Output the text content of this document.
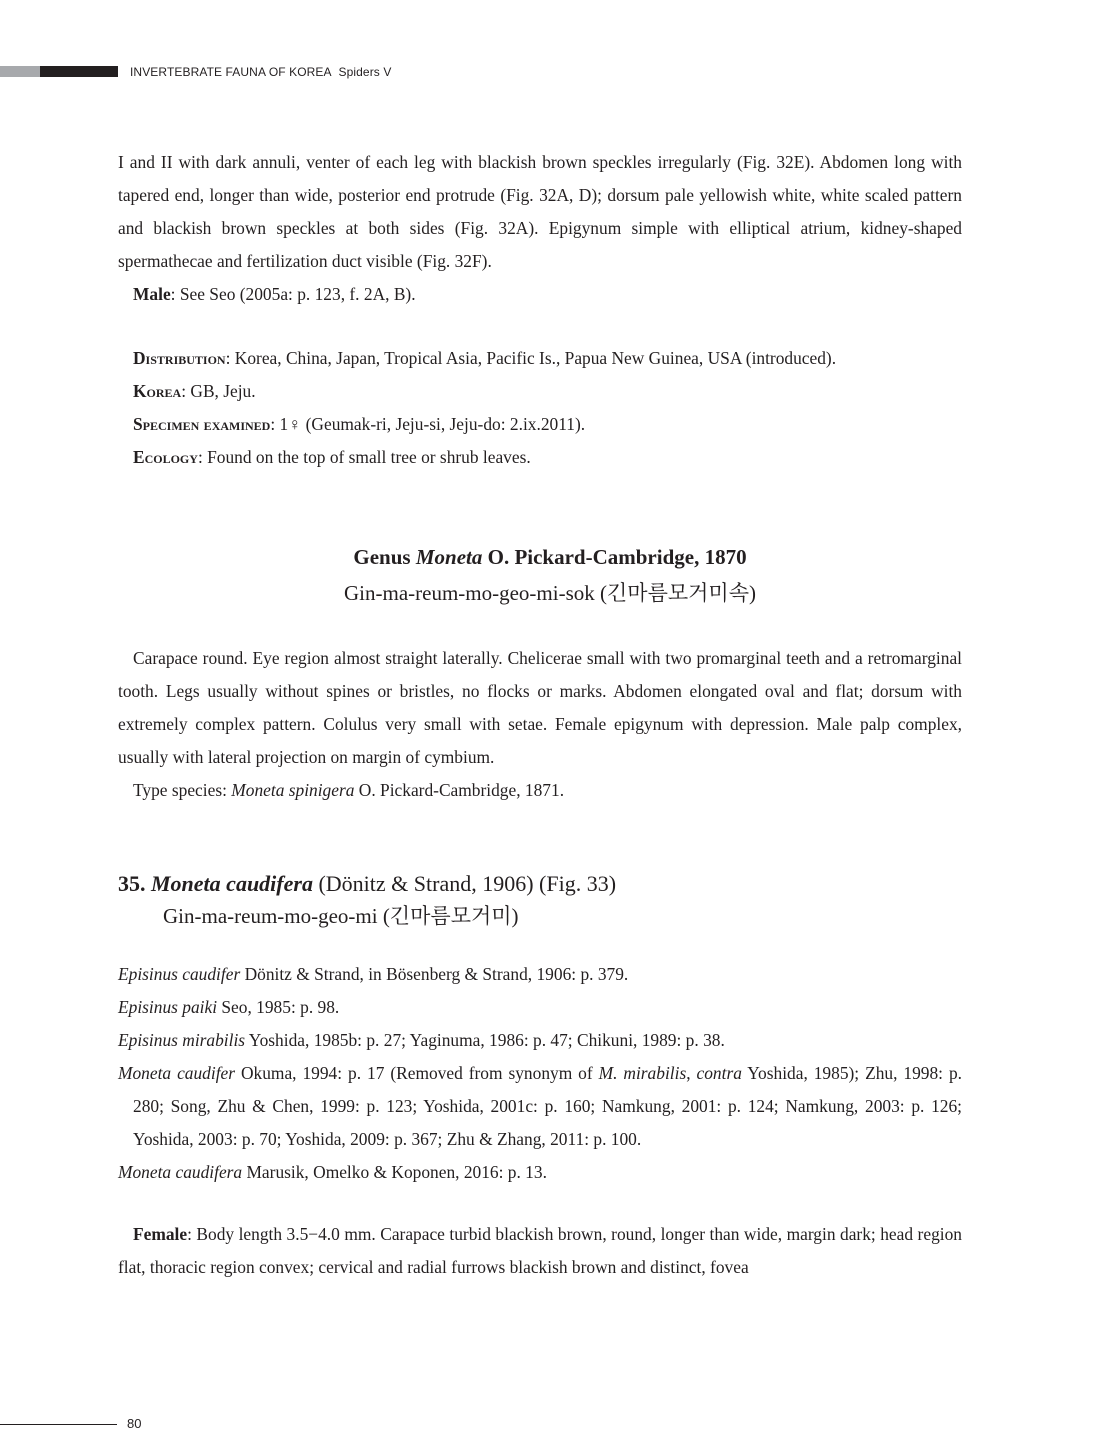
INVERTEBRATE FAUNA OF KOREA Spiders V

I and II with dark annuli, venter of each leg with blackish brown speckles irregularly (Fig. 32E). Abdomen long with tapered end, longer than wide, posterior end protrude (Fig. 32A, D); dorsum pale yellowish white, white scaled pattern and blackish brown speckles at both sides (Fig. 32A). Epigynum simple with elliptical atrium, kidney-shaped spermathecae and fertilization duct visible (Fig. 32F).

Male: See Seo (2005a: p. 123, f. 2A, B).

Distribution: Korea, China, Japan, Tropical Asia, Pacific Is., Papua New Guinea, USA (introduced).

Korea: GB, Jeju.

Specimen examined: 1♀ (Geumak-ri, Jeju-si, Jeju-do: 2.ix.2011).

Ecology: Found on the top of small tree or shrub leaves.

Genus Moneta O. Pickard-Cambridge, 1870

Gin-ma-reum-mo-geo-mi-sok (긴마름모거미속)

Carapace round. Eye region almost straight laterally. Chelicerae small with two promarginal teeth and a retromarginal tooth. Legs usually without spines or bristles, no flocks or marks. Abdomen elongated oval and flat; dorsum with extremely complex pattern. Colulus very small with setae. Female epigynum with depression. Male palp complex, usually with lateral projection on margin of cymbium.

Type species: Moneta spinigera O. Pickard-Cambridge, 1871.

35. Moneta caudifera (Dönitz & Strand, 1906) (Fig. 33)
Gin-ma-reum-mo-geo-mi (긴마름모거미)

Episinus caudifer Dönitz & Strand, in Bösenberg & Strand, 1906: p. 379.

Episinus paiki Seo, 1985: p. 98.

Episinus mirabilis Yoshida, 1985b: p. 27; Yaginuma, 1986: p. 47; Chikuni, 1989: p. 38.

Moneta caudifer Okuma, 1994: p. 17 (Removed from synonym of M. mirabilis, contra Yoshida, 1985); Zhu, 1998: p. 280; Song, Zhu & Chen, 1999: p. 123; Yoshida, 2001c: p. 160; Namkung, 2001: p. 124; Namkung, 2003: p. 126; Yoshida, 2003: p. 70; Yoshida, 2009: p. 367; Zhu & Zhang, 2011: p. 100.

Moneta caudifera Marusik, Omelko & Koponen, 2016: p. 13.

Female: Body length 3.5−4.0 mm. Carapace turbid blackish brown, round, longer than wide, margin dark; head region flat, thoracic region convex; cervical and radial furrows blackish brown and distinct, fovea

80
